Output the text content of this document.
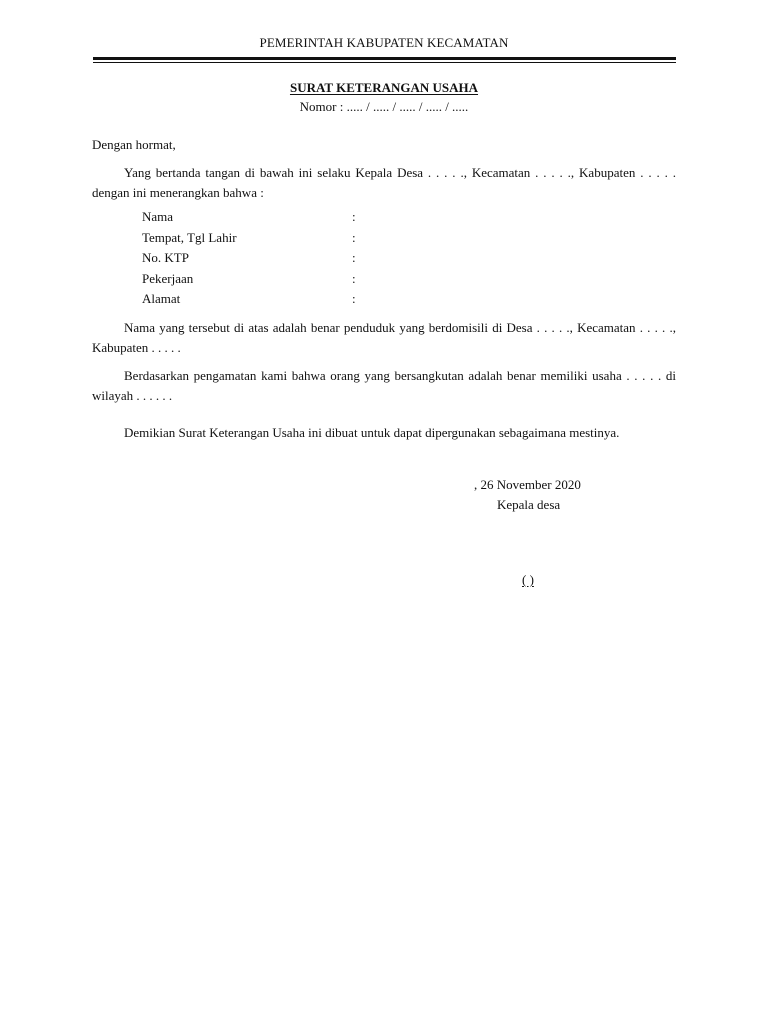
PEMERINTAH KABUPATEN KECAMATAN
SURAT KETERANGAN USAHA
Nomor : ..... / ..... / ..... / ..... / .....
Dengan hormat,

Yang bertanda tangan di bawah ini selaku Kepala Desa . . . . ., Kecamatan . . . . ., Kabupaten . . . . . dengan ini menerangkan bahwa :

Nama	:
Tempat, Tgl Lahir	:
No. KTP	:
Pekerjaan	:
Alamat	:

Nama yang tersebut di atas adalah benar penduduk yang berdomisili di Desa . . . . ., Kecamatan . . . . ., Kabupaten . . . . .

Berdasarkan pengamatan kami bahwa orang yang bersangkutan adalah benar memiliki usaha . . . . . di wilayah . . . . . .

Demikian Surat Keterangan Usaha ini dibuat untuk dapat dipergunakan sebagaimana mestinya.

, 26 November 2020
Kepala desa
( )
